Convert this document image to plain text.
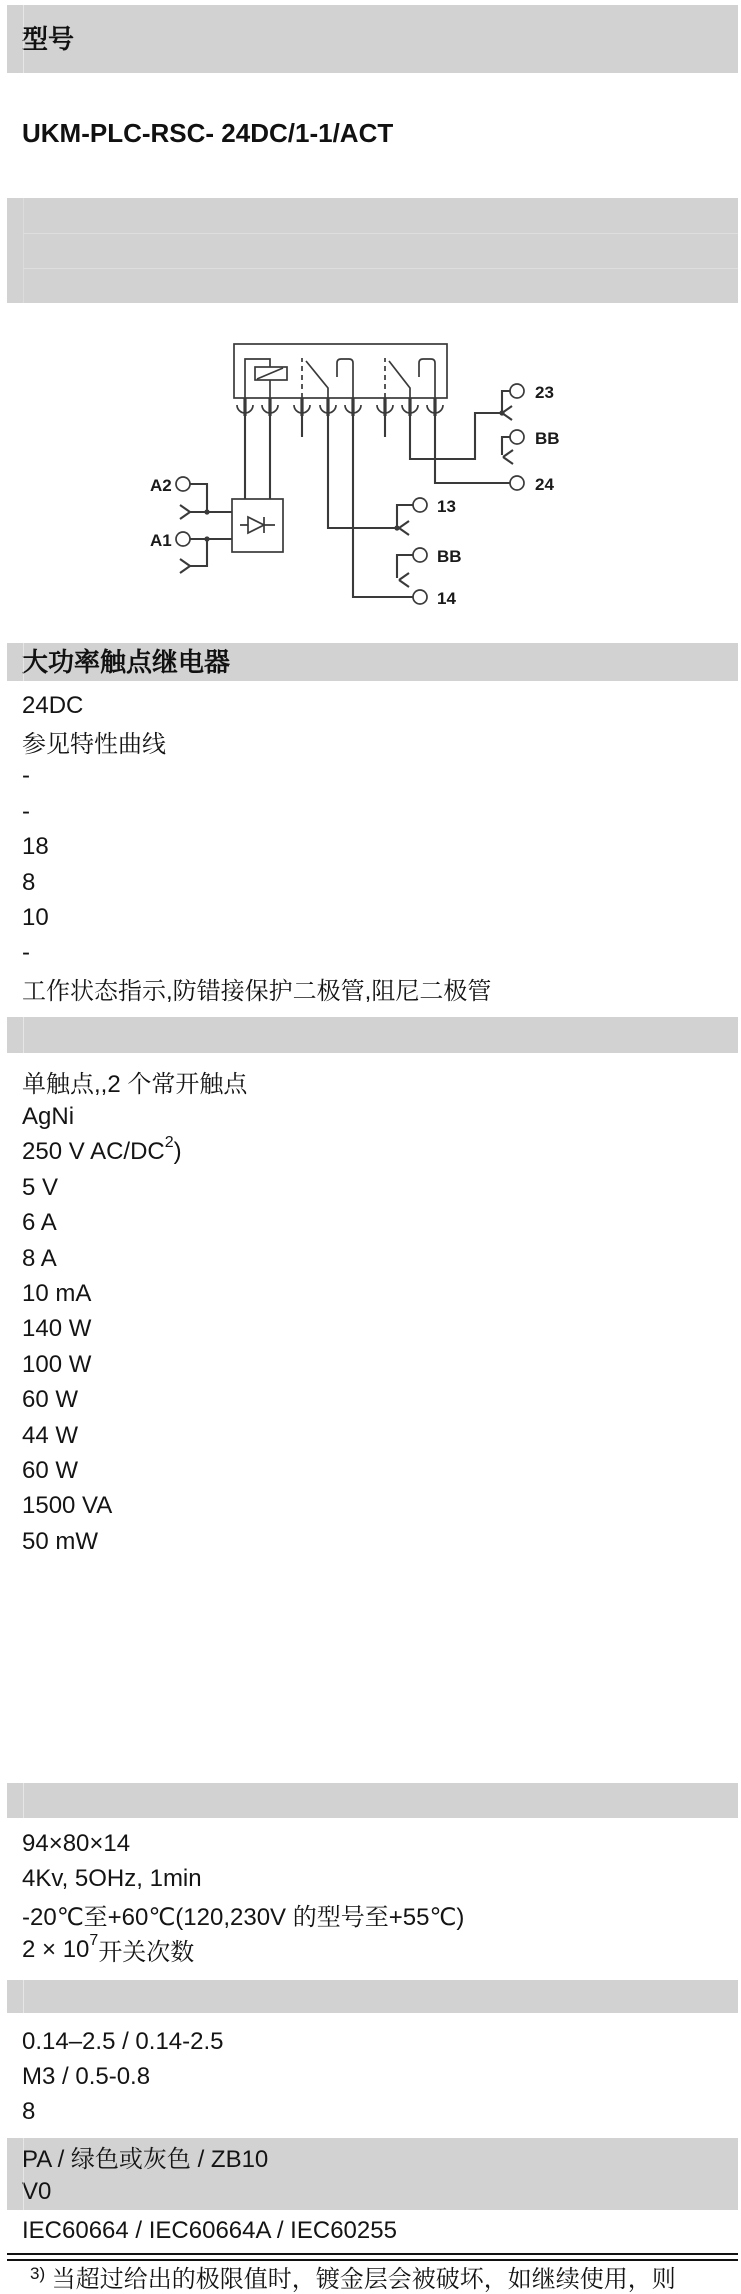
型号
UKM-PLC-RSC- 24DC/1-1/ACT
23
BB
24
13
BB
14
A2
A1
大功率触点继电器
24DC
参见特性曲线
-
-
18
8
10
-
工作状态指示,防错接保护二极管,阻尼二极管
单触点,,2 个常开触点
AgNi
250 V $AC/DC^2$ )
5 V
6 A
8 A
10 mA
140 W
100 W
60 W
44 W
60 W
1500 VA
50 mW
94×80×14
4Kv, 5OHz, 1min
-20℃至+60℃(120,230V 的型号至+55℃)
$2 \times 10^7$ 开关次数
0.14–2.5 / 0.14-2.5
M3 / 0.5-0.8
8
PA / 绿色或灰色 / ZB10
V0
IEC60664 / IEC60664A / IEC60255
$^{3)}$ 当超过给出的极限值时，镀金层会被破坏，如继续使用，则
